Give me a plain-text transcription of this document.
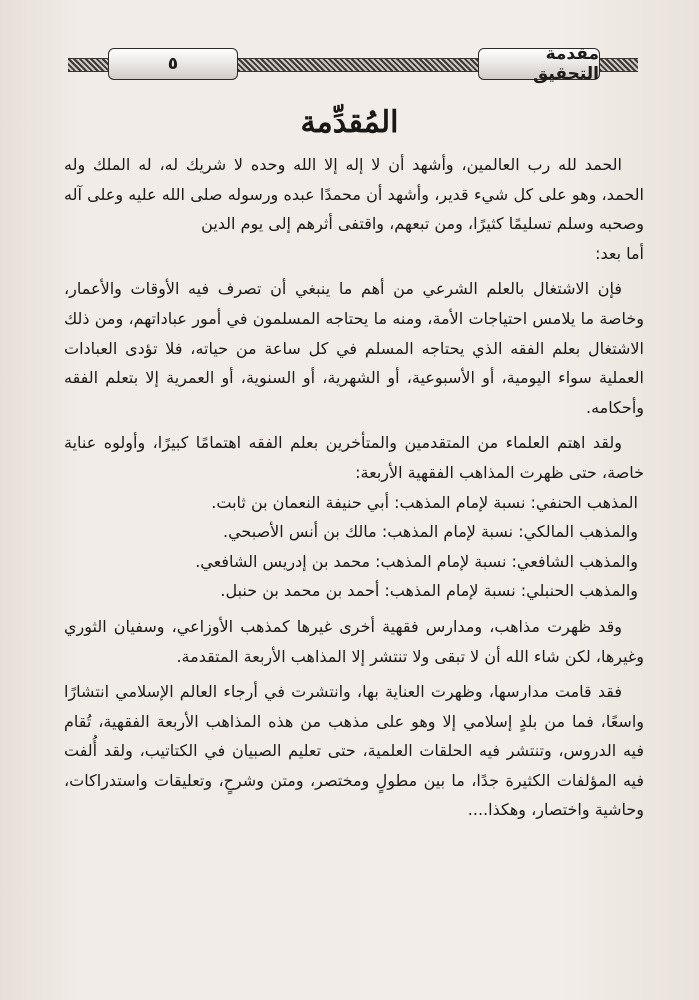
٥	مقدمة التحقيق
المُقدِّمة

الحمد لله رب العالمين، وأشهد أن لا إله إلا الله وحده لا شريك له، له الملك وله الحمد، وهو على كل شيء قدير، وأشهد أن محمدًا عبده ورسوله صلى الله عليه وعلى آله وصحبه وسلم تسليمًا كثيرًا، ومن تبعهم، واقتفى أثرهم إلى يوم الدين

أما بعد:

فإن الاشتغال بالعلم الشرعي من أهم ما ينبغي أن تصرف فيه الأوقات والأعمار، وخاصة ما يلامس احتياجات الأمة، ومنه ما يحتاجه المسلمون في أمور عباداتهم، ومن ذلك الاشتغال بعلم الفقه الذي يحتاجه المسلم في كل ساعة من حياته، فلا تؤدى العبادات العملية سواء اليومية، أو الأسبوعية، أو الشهرية، أو السنوية، أو العمرية إلا بتعلم الفقه وأحكامه.

ولقد اهتم العلماء من المتقدمين والمتأخرين بعلم الفقه اهتمامًا كبيرًا، وأولوه عناية خاصة، حتى ظهرت المذاهب الفقهية الأربعة:

المذهب الحنفي: نسبة لإمام المذهب: أبي حنيفة النعمان بن ثابت.

والمذهب المالكي: نسبة لإمام المذهب: مالك بن أنس الأصبحي.

والمذهب الشافعي: نسبة لإمام المذهب: محمد بن إدريس الشافعي.

والمذهب الحنبلي: نسبة لإمام المذهب: أحمد بن محمد بن حنبل.

وقد ظهرت مذاهب، ومدارس فقهية أخرى غيرها كمذهب الأوزاعي، وسفيان الثوري وغيرها، لكن شاء الله أن لا تبقى ولا تنتشر إلا المذاهب الأربعة المتقدمة.

فقد قامت مدارسها، وظهرت العناية بها، وانتشرت في أرجاء العالم الإسلامي انتشارًا واسعًا، فما من بلدٍ إسلامي إلا وهو على مذهب من هذه المذاهب الأربعة الفقهية، تُقام فيه الدروس، وتنتشر فيه الحلقات العلمية، حتى تعليم الصبيان في الكتاتيب، ولقد أُلفت فيه المؤلفات الكثيرة جدًا، ما بين مطولٍ ومختصر، ومتن وشرحٍ، وتعليقات واستدراكات، وحاشية واختصار، وهكذا....
